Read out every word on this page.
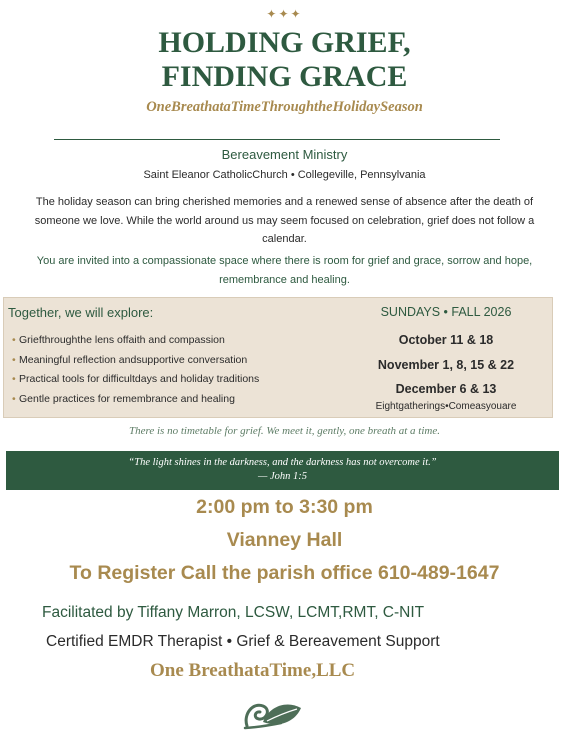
✦✦✦
HOLDING GRIEF,
FINDING GRACE
OneBreathataTimeThroughtheHolidaySeason
Bereavement Ministry
Saint Eleanor CatholicChurch • Collegeville, Pennsylvania
The holiday season can bring cherished memories and a renewed sense of absence after the death of someone we love. While the world around us may seem focused on celebration, grief does not follow a calendar.
You are invited into a compassionate space where there is room for grief and grace, sorrow and hope, remembrance and healing.
Together, we will explore:
• Griefthroughthe lens offaith and compassion
• Meaningful reflection andsupportive conversation
• Practical tools for difficultdays and holiday traditions
• Gentle practices for remembrance and healing
SUNDAYS • FALL 2026
October 11 & 18
November 1, 8, 15 & 22
December 6 & 13
Eightgatherings•Comeasyouare
There is no timetable for grief. We meet it, gently, one breath at a time.
“The light shines in the darkness, and the darkness has not overcome it.”
— John 1:5
2:00 pm to 3:30 pm
Vianney Hall
To Register Call the parish office 610-489-1647
Facilitated by Tiffany Marron, LCSW, LCMT,RMT, C-NIT
Certified EMDR Therapist • Grief & Bereavement Support
One BreathataTime,LLC
